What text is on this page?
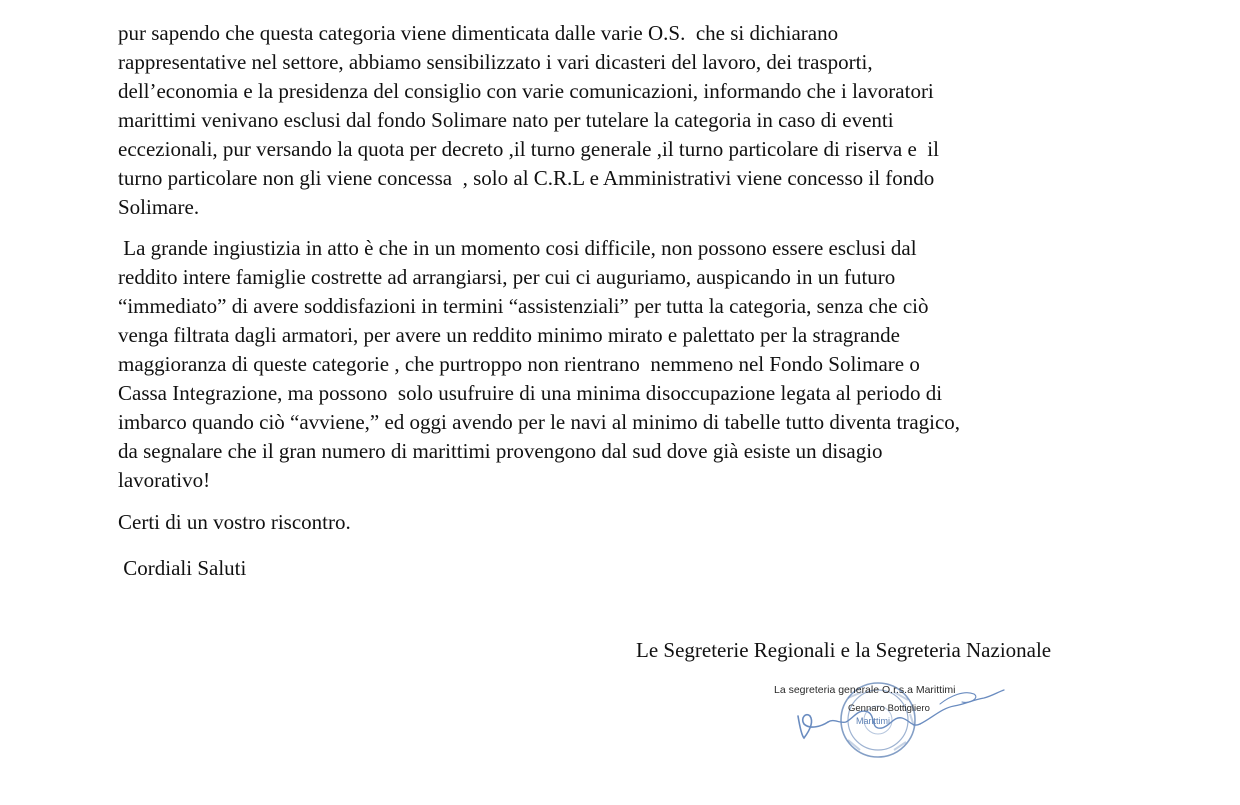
pur sapendo che questa categoria viene dimenticata dalle varie O.S.  che si dichiarano
rappresentative nel settore, abbiamo sensibilizzato i vari dicasteri del lavoro, dei trasporti,
dell’economia e la presidenza del consiglio con varie comunicazioni, informando che i lavoratori
marittimi venivano esclusi dal fondo Solimare nato per tutelare la categoria in caso di eventi
eccezionali, pur versando la quota per decreto ,il turno generale ,il turno particolare di riserva e  il
turno particolare non gli viene concessa  , solo al C.R.L e Amministrativi viene concesso il fondo
Solimare.

La grande ingiustizia in atto è che in un momento cosi difficile, non possono essere esclusi dal
reddito intere famiglie costrette ad arrangiarsi, per cui ci auguriamo, auspicando in un futuro
“immediato” di avere soddisfazioni in termini “assistenziali” per tutta la categoria, senza che ciò
venga filtrata dagli armatori, per avere un reddito minimo mirato e palettato per la stragrande
maggioranza di queste categorie , che purtroppo non rientrano  nemmeno nel Fondo Solimare o
Cassa Integrazione, ma possono  solo usufruire di una minima disoccupazione legata al periodo di
imbarco quando ciò “avviene,” ed oggi avendo per le navi al minimo di tabelle tutto diventa tragico,
da segnalare che il gran numero di marittimi provengono dal sud dove già esiste un disagio
lavorativo!

Certi di un vostro riscontro.

Cordiali Saluti

Le Segreterie Regionali e la Segreteria Nazionale
La segreteria generale O.r.s.a Marittimi
Gennaro Bottigliero
Marittimi
